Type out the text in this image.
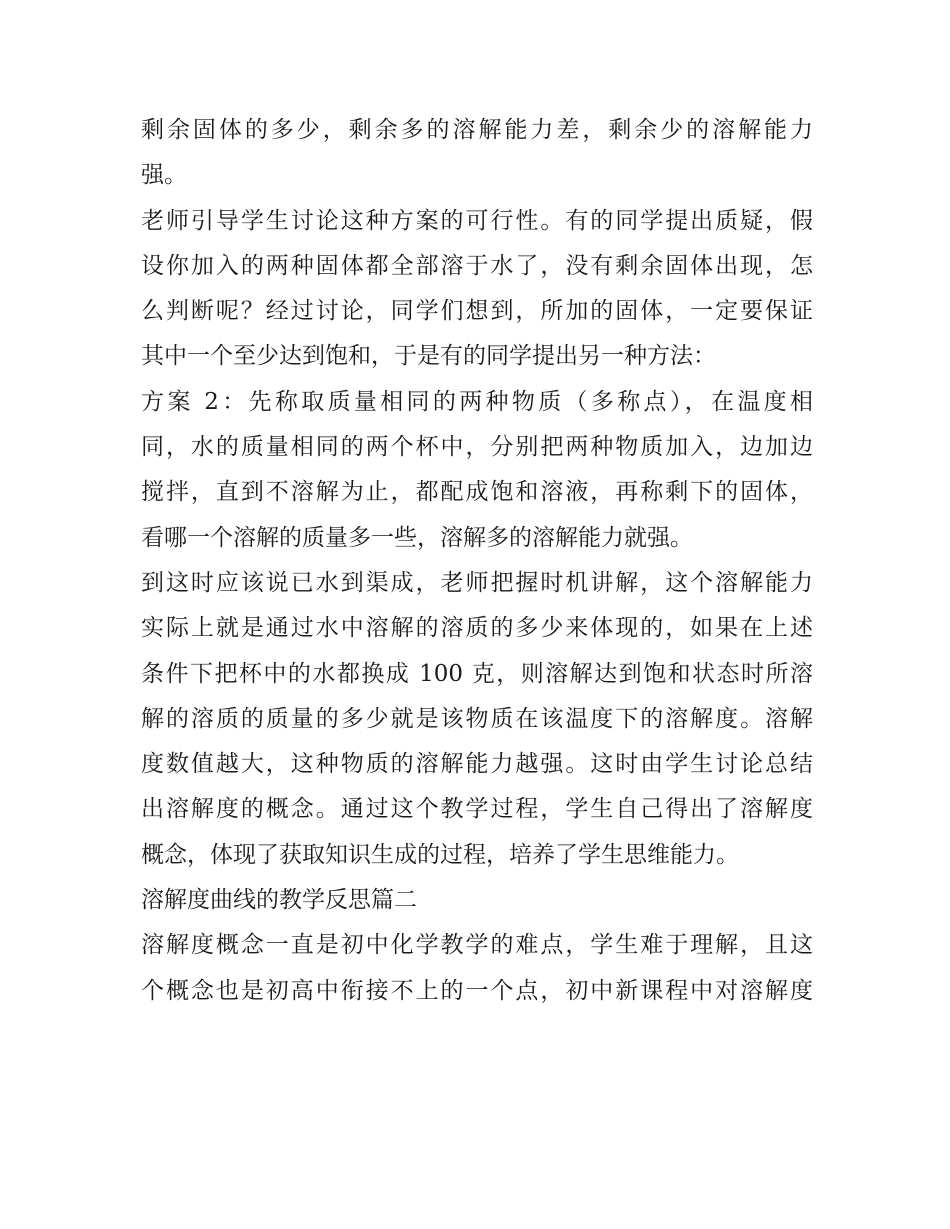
剩余固体的多少，剩余多的溶解能力差，剩余少的溶解能力
强。
老师引导学生讨论这种方案的可行性。有的同学提出质疑，假
设你加入的两种固体都全部溶于水了，没有剩余固体出现，怎
么判断呢？经过讨论，同学们想到，所加的固体，一定要保证
其中一个至少达到饱和，于是有的同学提出另一种方法：
方案 2：先称取质量相同的两种物质（多称点），在温度相
同，水的质量相同的两个杯中，分别把两种物质加入，边加边
搅拌，直到不溶解为止，都配成饱和溶液，再称剩下的固体，
看哪一个溶解的质量多一些，溶解多的溶解能力就强。
到这时应该说已水到渠成，老师把握时机讲解，这个溶解能力
实际上就是通过水中溶解的溶质的多少来体现的，如果在上述
条件下把杯中的水都换成 100 克，则溶解达到饱和状态时所溶
解的溶质的质量的多少就是该物质在该温度下的溶解度。溶解
度数值越大，这种物质的溶解能力越强。这时由学生讨论总结
出溶解度的概念。通过这个教学过程，学生自己得出了溶解度
概念，体现了获取知识生成的过程，培养了学生思维能力。
溶解度曲线的教学反思篇二
溶解度概念一直是初中化学教学的难点，学生难于理解，且这
个概念也是初高中衔接不上的一个点，初中新课程中对溶解度
